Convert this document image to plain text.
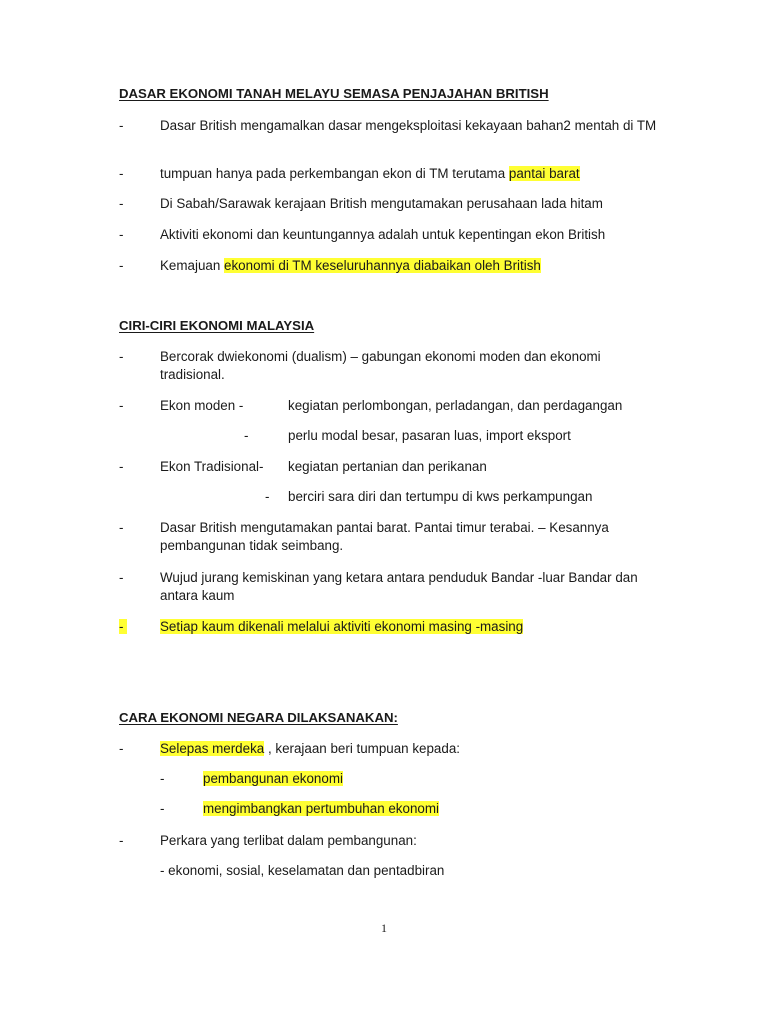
DASAR EKONOMI TANAH MELAYU SEMASA PENJAJAHAN BRITISH
-	Dasar British mengamalkan dasar mengeksploitasi kekayaan bahan2 mentah di TM
-	tumpuan hanya pada perkembangan ekon di TM terutama pantai barat
-	Di Sabah/Sarawak kerajaan British mengutamakan perusahaan lada hitam
-	Aktiviti ekonomi dan keuntungannya adalah untuk kepentingan ekon British
-	Kemajuan ekonomi di TM keseluruhannya diabaikan oleh British
CIRI-CIRI EKONOMI MALAYSIA
-	Bercorak dwiekonomi (dualism) – gabungan ekonomi moden dan ekonomi tradisional.
-	Ekon moden -	kegiatan perlombongan, perladangan, dan perdagangan
-	perlu modal besar, pasaran luas, import eksport
-	Ekon Tradisional- kegiatan pertanian dan perikanan
- berciri sara diri dan tertumpu di kws perkampungan
-	Dasar British mengutamakan pantai barat. Pantai timur terabai. – Kesannya pembangunan tidak seimbang.
-	Wujud jurang kemiskinan yang ketara antara penduduk Bandar -luar Bandar dan antara kaum
-	Setiap kaum dikenali melalui aktiviti ekonomi masing -masing
CARA EKONOMI NEGARA DILAKSANAKAN:
-	Selepas merdeka , kerajaan beri tumpuan kepada:
-	pembangunan ekonomi
-	mengimbangkan pertumbuhan ekonomi
-	Perkara yang terlibat dalam pembangunan:
- ekonomi, sosial, keselamatan dan pentadbiran
1
